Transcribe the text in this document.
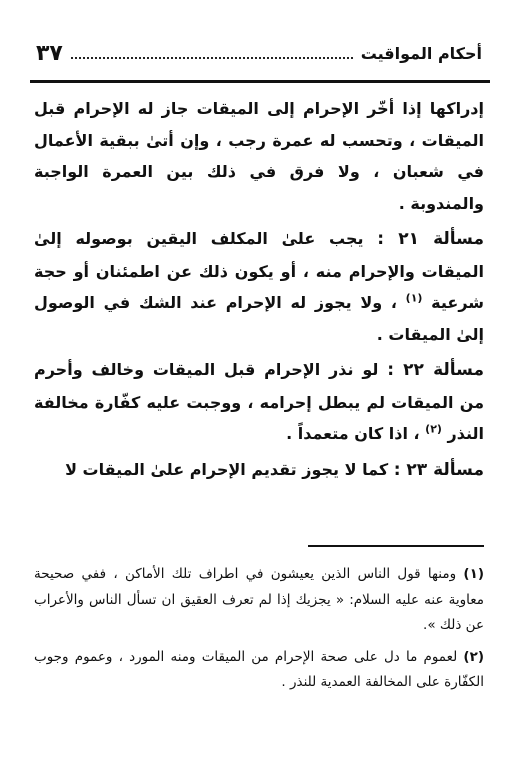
أحكام المواقيت
٣٧

إدراكها إذا أخّر الإحرام إلى الميقات جاز له الإحرام قبل الميقات ، وتحسب له عمرة رجب ، وإن أتىٰ ببقية الأعمال في شعبان ، ولا فرق في ذلك بين العمرة الواجبة والمندوبة .

مسألة ٢١ : يجب علىٰ المكلف اليقين بوصوله إلىٰ الميقات والإحرام منه ، أو يكون ذلك عن اطمئنان أو حجة شرعية $^{(١)}$ ، ولا يجوز له الإحرام عند الشك في الوصول إلىٰ الميقات .

مسألة ٢٢ : لو نذر الإحرام قبل الميقات وخالف وأحرم من الميقات لم يبطل إحرامه ، ووجبت عليه كفّارة مخالفة النذر $^{(٢)}$ ، اذا كان متعمداً .

مسألة ٢٣ : كما لا يجوز تقديم الإحرام علىٰ الميقات لا

(١) ومنها قول الناس الذين يعيشون في اطراف تلك الأماكن ، ففي صحيحة معاوية عنه عليه السلام: « يجزيك إذا لم تعرف العقيق ان تسأل الناس والأعراب عن ذلك ».

(٢) لعموم ما دل على صحة الإحرام من الميقات ومنه المورد ، وعموم وجوب الكفّارة على المخالفة العمدية للنذر .
